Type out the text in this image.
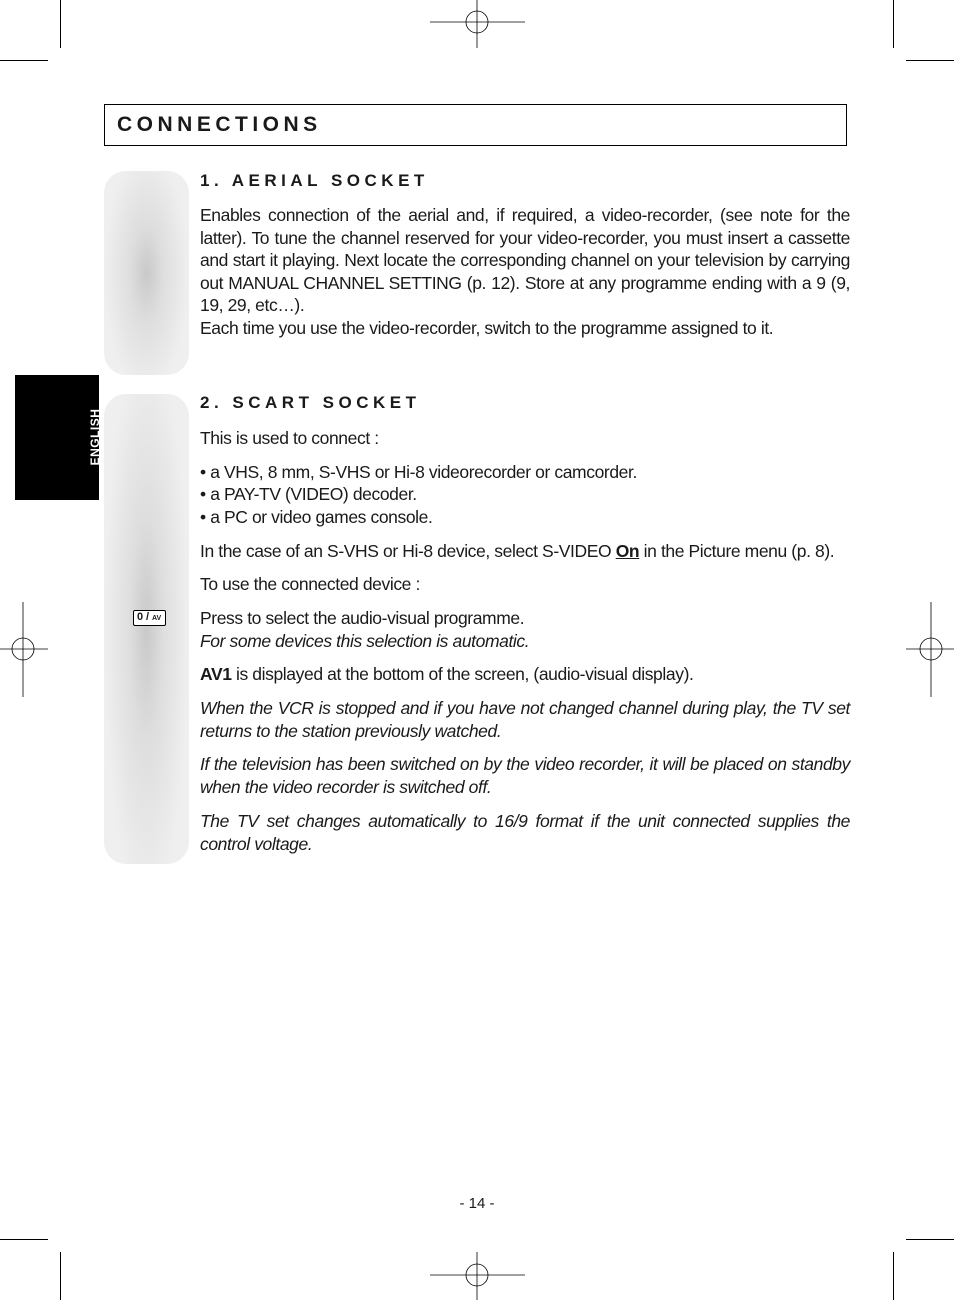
CONNECTIONS
ENGLISH
1. AERIAL SOCKET

Enables connection of the aerial and, if required, a video-recorder, (see note for the latter). To tune the channel reserved for your video-recorder, you must insert a cassette and start it playing. Next locate the corresponding channel on your television by carrying out MANUAL CHANNEL SETTING (p. 12). Store at any programme ending with a 9 (9, 19, 29, etc…).

Each time you use the video-recorder, switch to the programme assigned to it.

2. SCART SOCKET

This is used to connect :

• a VHS, 8 mm, S-VHS or Hi-8 videorecorder or camcorder.

• a PAY-TV (VIDEO) decoder.

• a PC or video games console.

In the case of an S-VHS or Hi-8 device, select S-VIDEO On in the Picture menu (p. 8).

To use the connected device :

0 / AV Press to select the audio-visual programme.

For some devices this selection is automatic.

AV1 is displayed at the bottom of the screen, (audio-visual display).

When the VCR is stopped and if you have not changed channel during play, the TV set returns to the station previously watched.

If the television has been switched on by the video recorder, it will be placed on standby when the video recorder is switched off.

The TV set changes automatically to 16/9 format if the unit connected supplies the control voltage.

- 14 -
